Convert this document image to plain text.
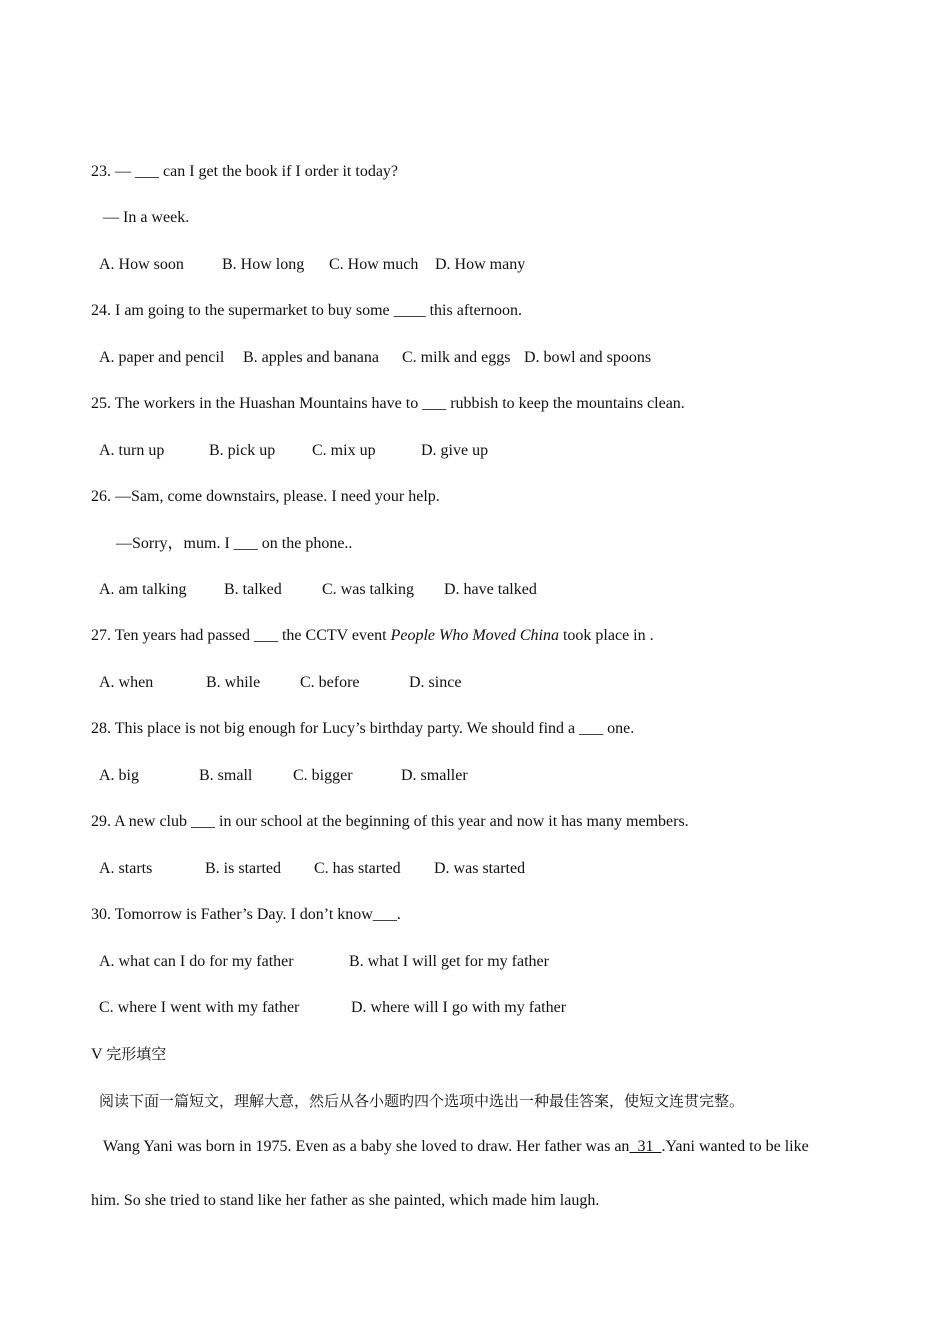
23. — ___ can I get the book if I order it today?
— In a week.

A. How soon

B. How long

C. How much

D. How many

24. I am going to the supermarket to buy some ____ this afternoon.

A. paper and pencil

B. apples and banana

C. milk and eggs

D. bowl and spoons

25. The workers in the Huashan Mountains have to ___ rubbish to keep the mountains clean.

A. turn up

	B. pick up

C. mix up

	D. give up

26. —Sam, come downstairs, please. I need your help.
—Sorry，mum. I ___ on the phone..

A. am talking

B. talked

	C. was talking

D. have talked

27. Ten years had passed ___ the CCTV event People Who Moved China took place in .

A. when

	B. while

C. before

	D. since

28. This place is not big enough for Lucy’s birthday party. We should find a ___ one.

A. big

	B. small

	C. bigger

	D. smaller

29. A new club ___ in our school at the beginning of this year and now it has many members.

A. starts

	B. is started

C. has started

D. was started

30. Tomorrow is Father’s Day. I don’t know___.

A. what can I do for my father

	B. what I will get for my father

C. where I went with my father

	D. where will I go with my father

V 完形填空
阅读下面一篇短文，理解大意，然后从各小题旳四个选项中选出一种最佳答案，使短文连贯完整。
Wang Yani was born in 1975. Even as a baby she loved to draw. Her father was an  31  .Yani wanted to be like
him. So she tried to stand like her father as she painted, which made him laugh.
